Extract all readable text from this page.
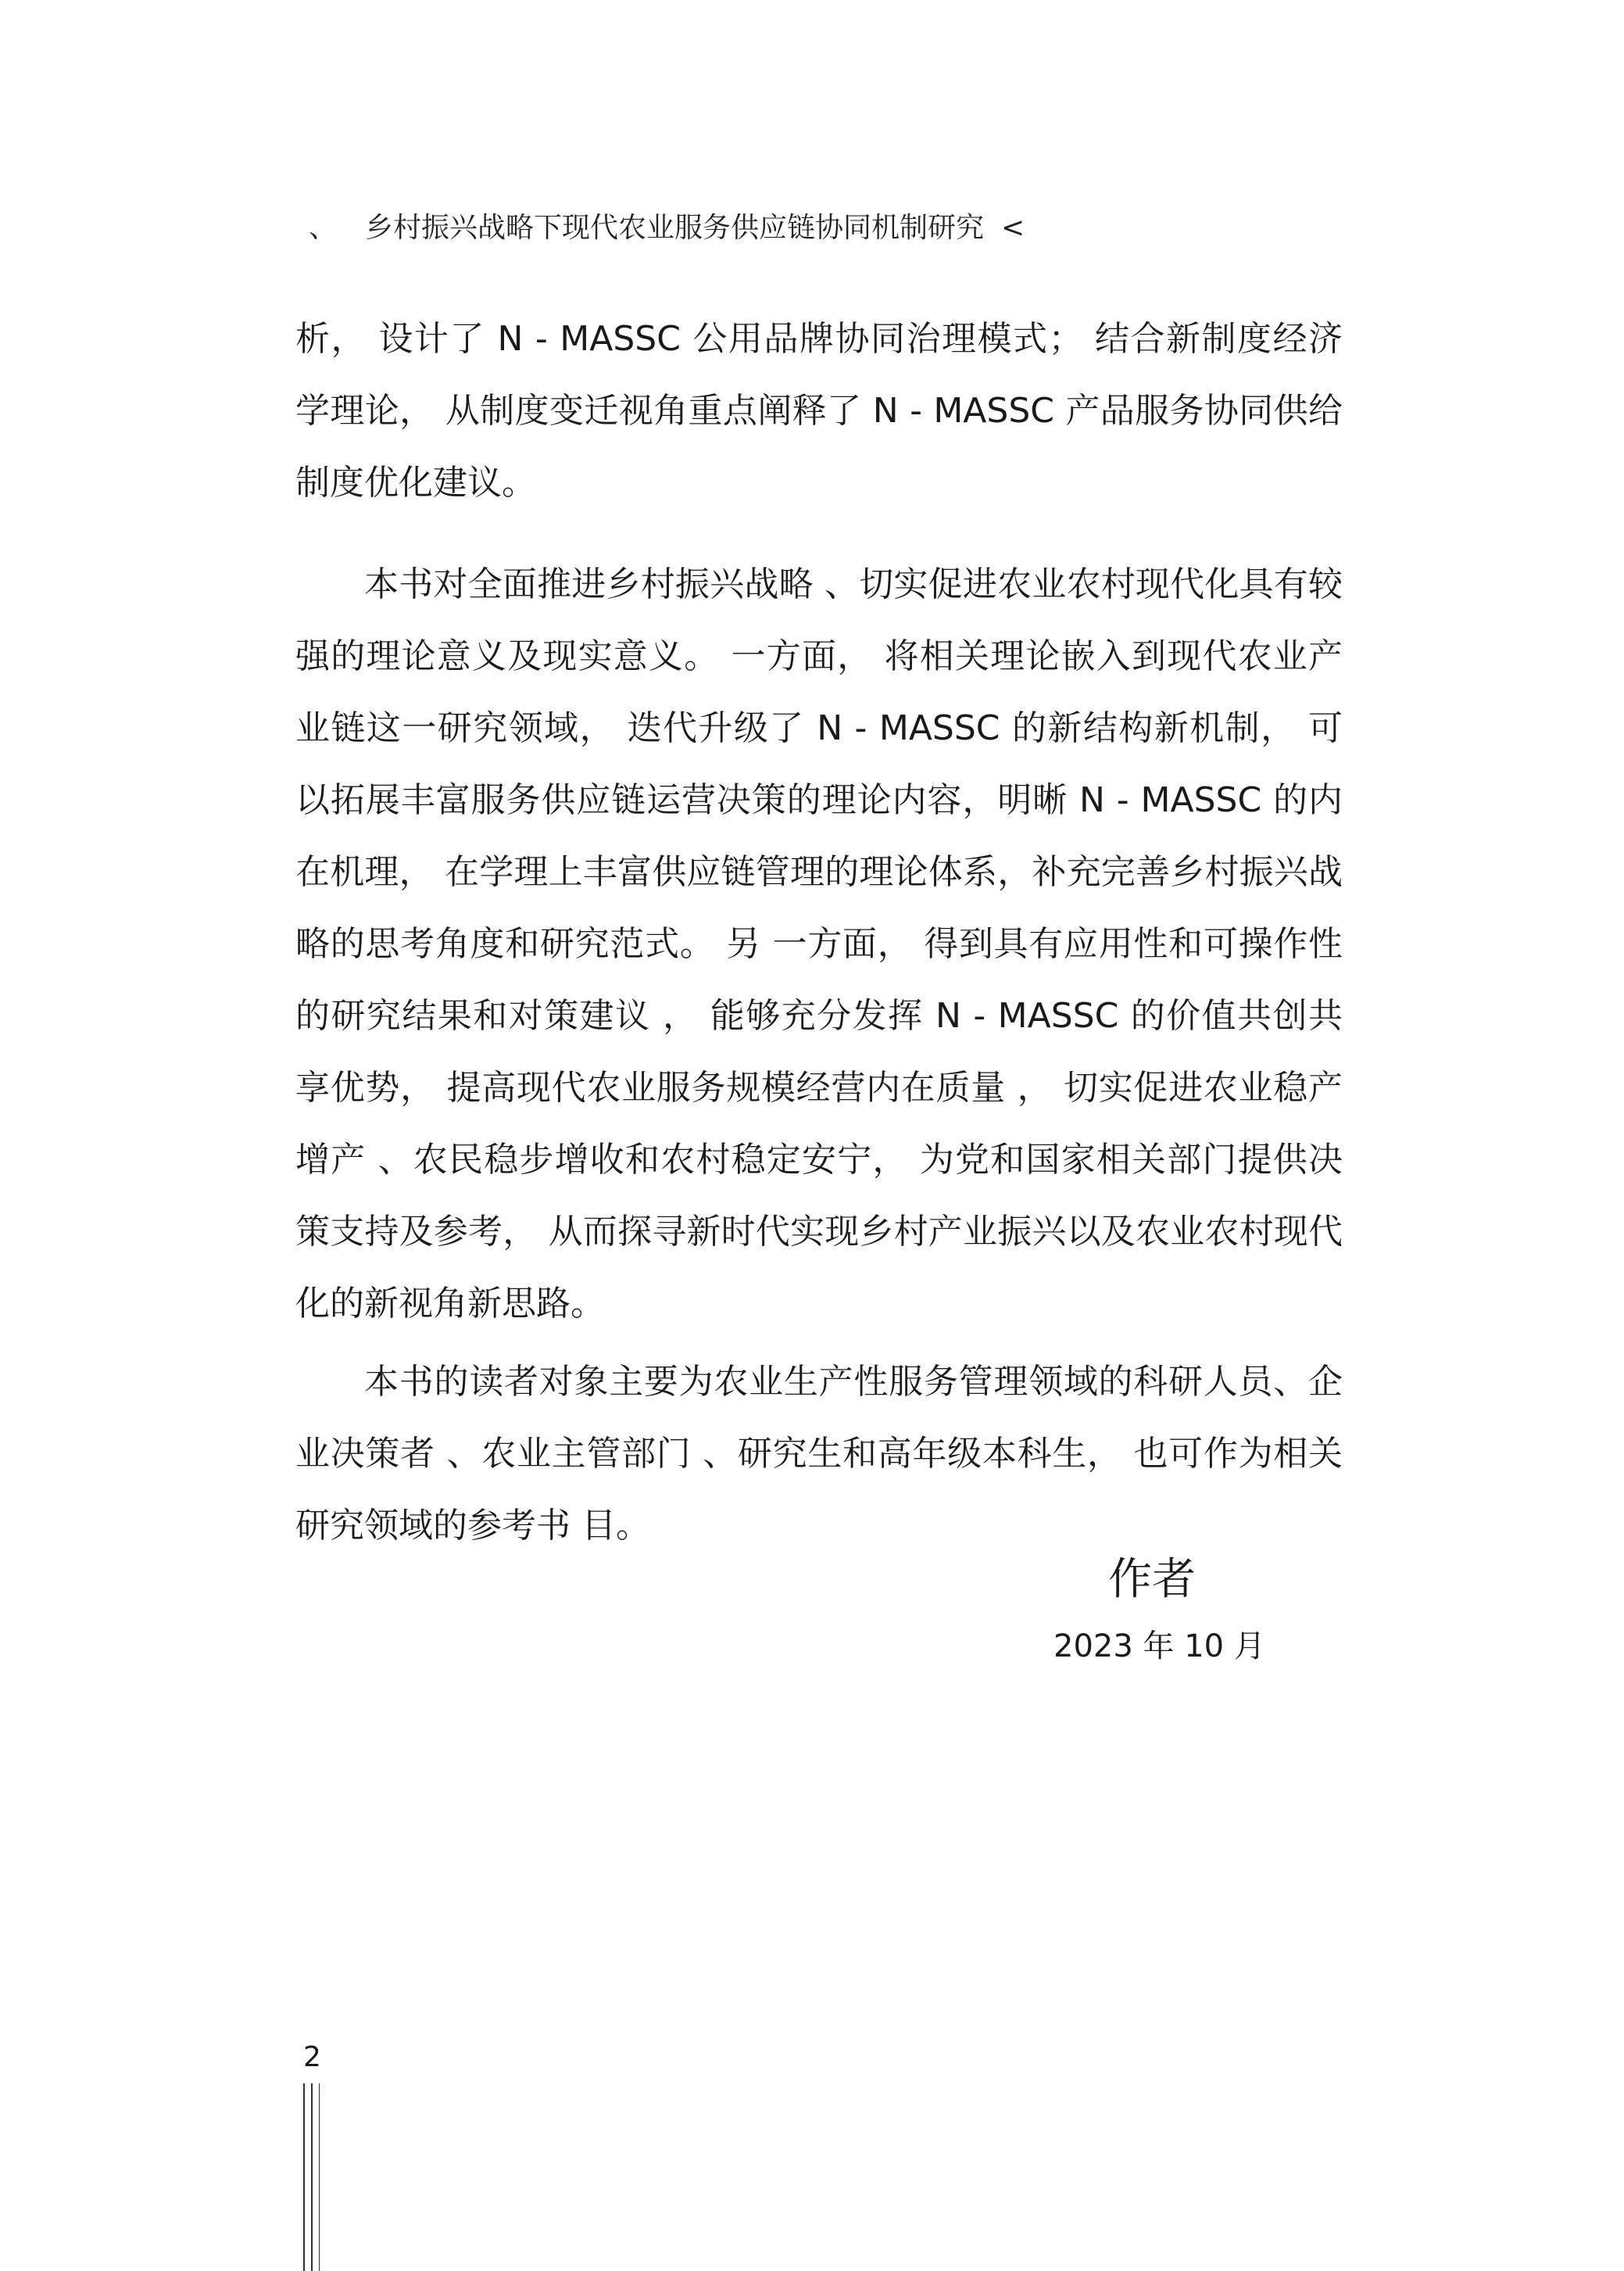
、 乡村振兴战略下现代农业服务供应链协同机制研究 <

析， 设计了 N - MASSC 公用品牌协同治理模式； 结合新制度经济学理论， 从制度变迁视角重点阐释了 N - MASSC 产品服务协同供给制度优化建议。

本书对全面推进乡村振兴战略 、切实促进农业农村现代化具有较强的理论意义及现实意义。 一方面， 将相关理论嵌入到现代农业产业链这一研究领域， 迭代升级了 N - MASSC 的新结构新机制， 可以拓展丰富服务供应链运营决策的理论内容，明晰 N - MASSC 的内在机理， 在学理上丰富供应链管理的理论体系，补充完善乡村振兴战略的思考角度和研究范式。 另 一方面， 得到具有应用性和可操作性的研究结果和对策建议 ， 能够充分发挥 N - MASSC 的价值共创共享优势， 提高现代农业服务规模经营内在质量 ， 切实促进农业稳产增产 、农民稳步增收和农村稳定安宁， 为党和国家相关部门提供决策支持及参考， 从而探寻新时代实现乡村产业振兴以及农业农村现代化的新视角新思路。

本书的读者对象主要为农业生产性服务管理领域的科研人员、企业决策者 、农业主管部门 、研究生和高年级本科生， 也可作为相关研究领域的参考书 目。

作者
2023 年 10 月
2
